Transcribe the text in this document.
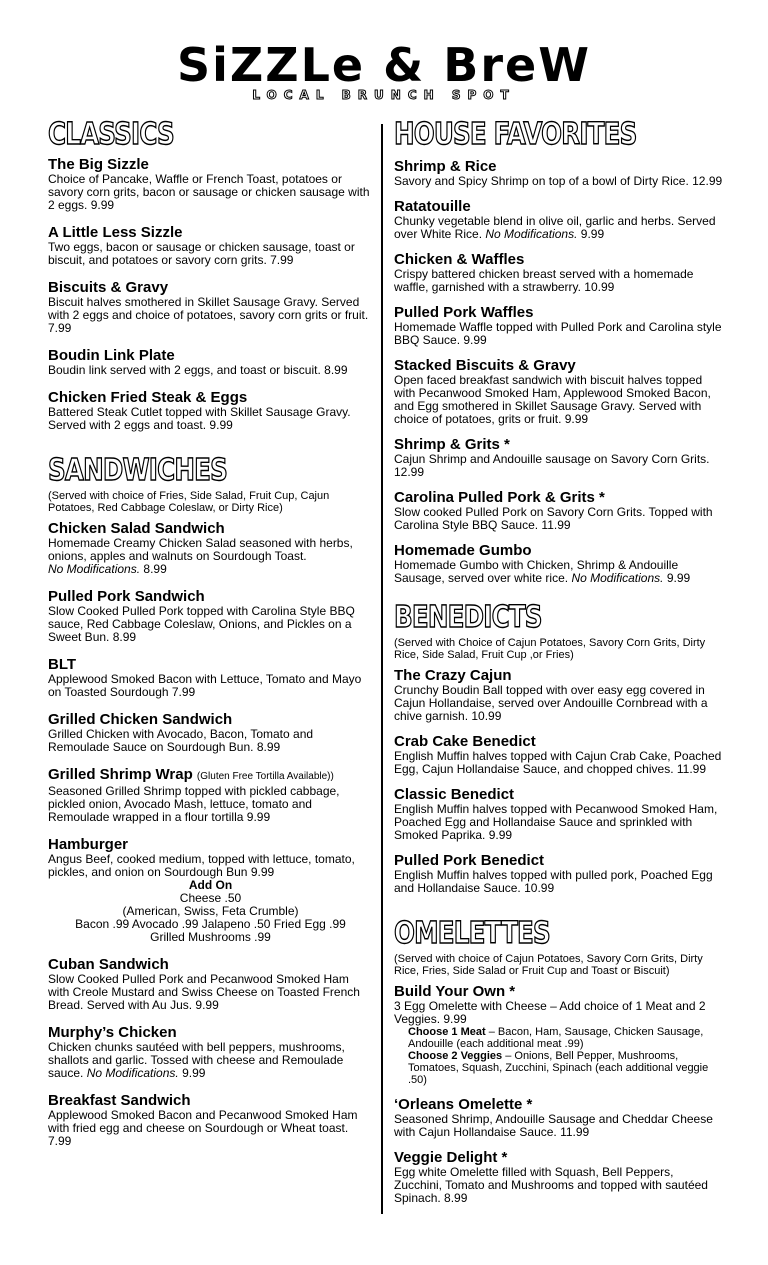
SiZZLe & BreW
LOCAL BRUNCH SPOT
CLASSICS
The Big Sizzle
Choice of Pancake, Waffle or French Toast, potatoes or savory corn grits, bacon or sausage or chicken sausage with 2 eggs. 9.99
A Little Less Sizzle
Two eggs, bacon or sausage or chicken sausage, toast or biscuit, and potatoes or savory corn grits. 7.99
Biscuits & Gravy
Biscuit halves smothered in Skillet Sausage Gravy. Served with 2 eggs and choice of potatoes, savory corn grits or fruit. 7.99
Boudin Link Plate
Boudin link served with 2 eggs, and toast or biscuit. 8.99
Chicken Fried Steak & Eggs
Battered Steak Cutlet topped with Skillet Sausage Gravy. Served with 2 eggs and toast. 9.99
SANDWICHES
(Served with choice of Fries, Side Salad, Fruit Cup, Cajun Potatoes, Red Cabbage Coleslaw, or Dirty Rice)
Chicken Salad Sandwich
Homemade Creamy Chicken Salad seasoned with herbs, onions, apples and walnuts on Sourdough Toast.
No Modifications. 8.99
Pulled Pork Sandwich
Slow Cooked Pulled Pork topped with Carolina Style BBQ sauce, Red Cabbage Coleslaw, Onions, and Pickles on a Sweet Bun. 8.99
BLT
Applewood Smoked Bacon with Lettuce, Tomato and Mayo on Toasted Sourdough 7.99
Grilled Chicken Sandwich
Grilled Chicken with Avocado, Bacon, Tomato and Remoulade Sauce on Sourdough Bun. 8.99
Grilled Shrimp Wrap (Gluten Free Tortilla Available))
Seasoned Grilled Shrimp topped with pickled cabbage, pickled onion, Avocado Mash, lettuce, tomato and Remoulade wrapped in a flour tortilla 9.99
Hamburger
Angus Beef, cooked medium, topped with lettuce, tomato, pickles, and onion on Sourdough Bun 9.99
Add On
Cheese .50
(American, Swiss, Feta Crumble)
Bacon .99 Avocado .99 Jalapeno .50 Fried Egg .99
Grilled Mushrooms .99
Cuban Sandwich
Slow Cooked Pulled Pork and Pecanwood Smoked Ham with Creole Mustard and Swiss Cheese on Toasted French Bread. Served with Au Jus. 9.99
Murphy’s Chicken
Chicken chunks sautéed with bell peppers, mushrooms, shallots and garlic. Tossed with cheese and Remoulade sauce. No Modifications. 9.99
Breakfast Sandwich
Applewood Smoked Bacon and Pecanwood Smoked Ham with fried egg and cheese on Sourdough or Wheat toast. 7.99
HOUSE FAVORITES
Shrimp & Rice
Savory and Spicy Shrimp on top of a bowl of Dirty Rice. 12.99
Ratatouille
Chunky vegetable blend in olive oil, garlic and herbs. Served over White Rice. No Modifications. 9.99
Chicken & Waffles
Crispy battered chicken breast served with a homemade waffle, garnished with a strawberry. 10.99
Pulled Pork Waffles
Homemade Waffle topped with Pulled Pork and Carolina style BBQ Sauce. 9.99
Stacked Biscuits & Gravy
Open faced breakfast sandwich with biscuit halves topped with Pecanwood Smoked Ham, Applewood Smoked Bacon, and Egg smothered in Skillet Sausage Gravy. Served with choice of potatoes, grits or fruit. 9.99
Shrimp & Grits *
Cajun Shrimp and Andouille sausage on Savory Corn Grits. 12.99
Carolina Pulled Pork & Grits *
Slow cooked Pulled Pork on Savory Corn Grits. Topped with Carolina Style BBQ Sauce. 11.99
Homemade Gumbo
Homemade Gumbo with Chicken, Shrimp & Andouille Sausage, served over white rice. No Modifications. 9.99
BENEDICTS
(Served with Choice of Cajun Potatoes, Savory Corn Grits, Dirty Rice, Side Salad, Fruit Cup ,or Fries)
The Crazy Cajun
Crunchy Boudin Ball topped with over easy egg covered in Cajun Hollandaise, served over Andouille Cornbread with a chive garnish. 10.99
Crab Cake Benedict
English Muffin halves topped with Cajun Crab Cake, Poached Egg, Cajun Hollandaise Sauce, and chopped chives. 11.99
Classic Benedict
English Muffin halves topped with Pecanwood Smoked Ham, Poached Egg and Hollandaise Sauce and sprinkled with Smoked Paprika. 9.99
Pulled Pork Benedict
English Muffin halves topped with pulled pork, Poached Egg and Hollandaise Sauce. 10.99
OMELETTES
(Served with choice of Cajun Potatoes, Savory Corn Grits, Dirty Rice, Fries, Side Salad or Fruit Cup and Toast or Biscuit)
Build Your Own *
3 Egg Omelette with Cheese – Add choice of 1 Meat and 2 Veggies. 9.99
Choose 1 Meat – Bacon, Ham, Sausage, Chicken Sausage, Andouille (each additional meat .99)
Choose 2 Veggies – Onions, Bell Pepper, Mushrooms, Tomatoes, Squash, Zucchini, Spinach (each additional veggie .50)
‘Orleans Omelette *
Seasoned Shrimp, Andouille Sausage and Cheddar Cheese with Cajun Hollandaise Sauce. 11.99
Veggie Delight *
Egg white Omelette filled with Squash, Bell Peppers, Zucchini, Tomato and Mushrooms and topped with sautéed Spinach. 8.99
